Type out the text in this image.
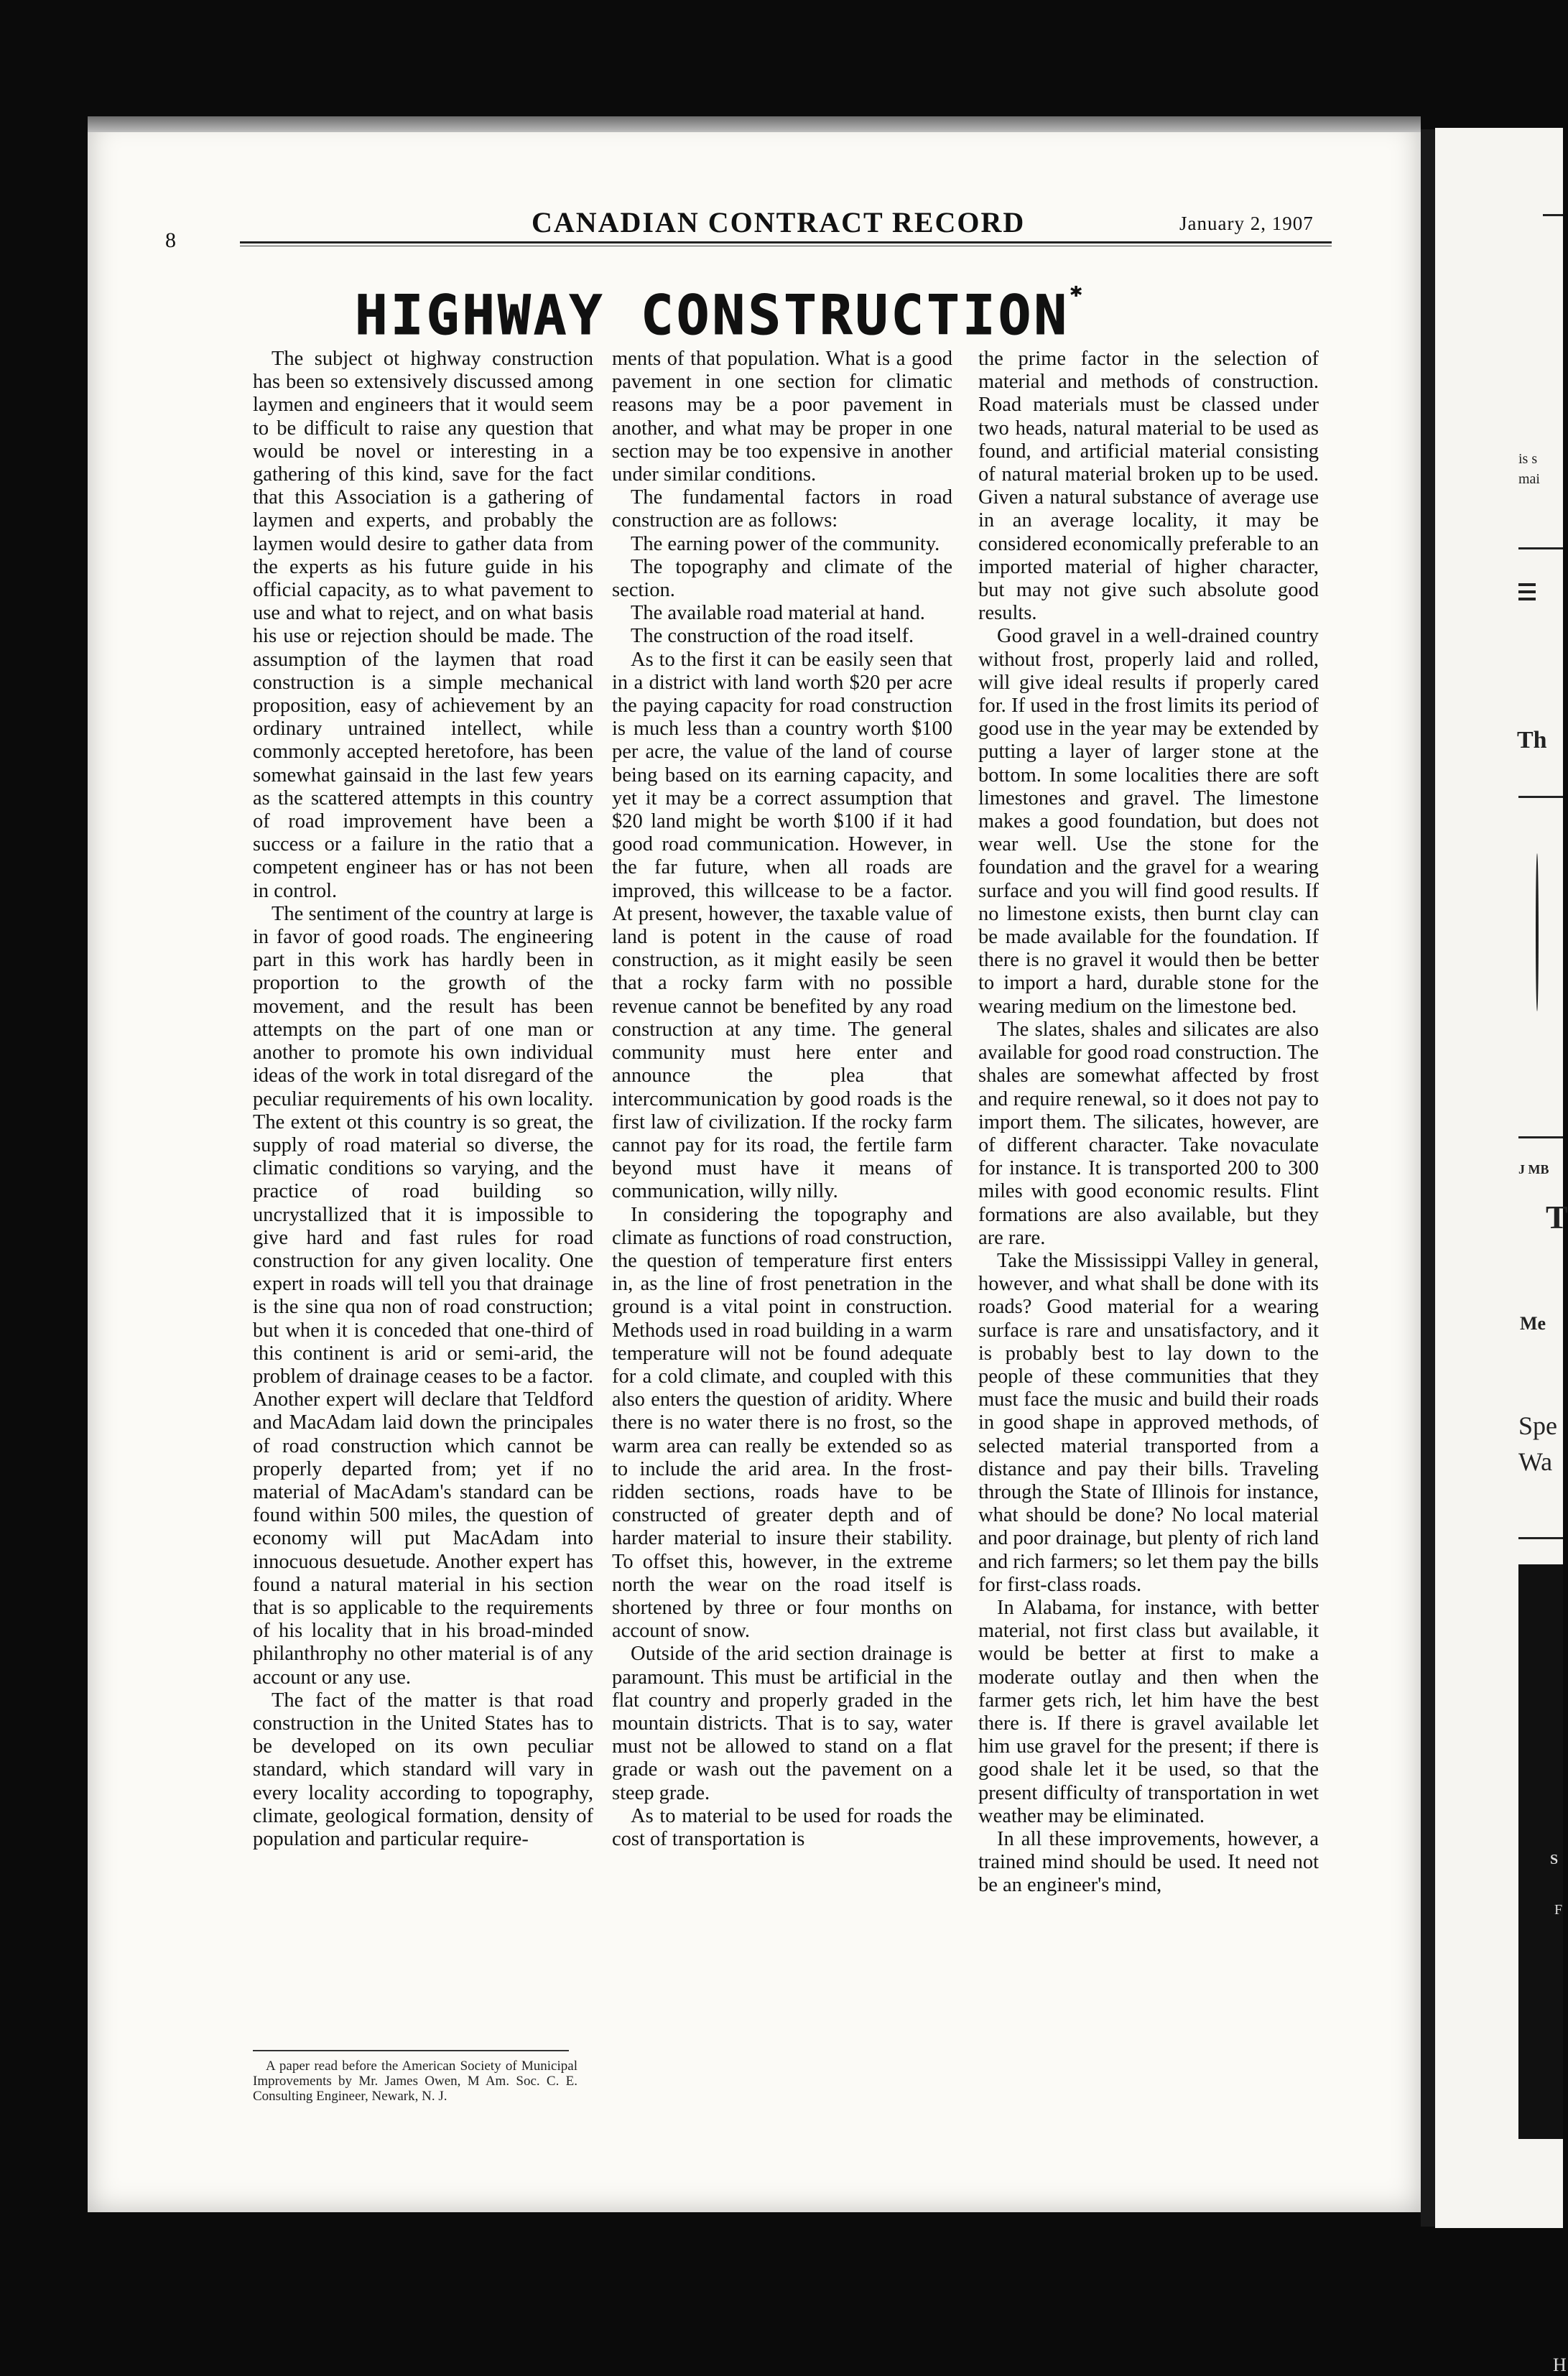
8
CANADIAN CONTRACT RECORD	January 2, 1907
HIGHWAY CONSTRUCTION*

The subject ot highway construction has been so extensively discussed among laymen and engineers that it would seem to be difficult to raise any question that would be novel or interesting in a gathering of this kind, save for the fact that this Association is a gathering of laymen and experts, and probably the laymen would desire to gather data from the experts as his future guide in his official capacity, as to what pavement to use and what to reject, and on what basis his use or rejection should be made. The assumption of the laymen that road construction is a simple mechanical proposition, easy of achievement by an ordinary untrained intellect, while commonly accepted heretofore, has been somewhat gainsaid in the last few years as the scattered attempts in this country of road improvement have been a success or a failure in the ratio that a competent engineer has or has not been in control.

The sentiment of the country at large is in favor of good roads. The engineering part in this work has hardly been in proportion to the growth of the movement, and the result has been attempts on the part of one man or another to promote his own individual ideas of the work in total disregard of the peculiar requirements of his own locality. The extent ot this country is so great, the supply of road material so diverse, the climatic conditions so varying, and the practice of road building so uncrystallized that it is impossible to give hard and fast rules for road construction for any given locality. One expert in roads will tell you that drainage is the sine qua non of road construction; but when it is conceded that one-third of this continent is arid or semi-arid, the problem of drainage ceases to be a factor. Another expert will declare that Teldford and MacAdam laid down the principales of road construction which cannot be properly departed from; yet if no material of MacAdam's standard can be found within 500 miles, the question of economy will put MacAdam into innocuous desuetude. Another expert has found a natural material in his section that is so applicable to the requirements of his locality that in his broad-minded philanthrophy no other material is of any account or any use.

The fact of the matter is that road construction in the United States has to be developed on its own peculiar standard, which standard will vary in every locality according to topography, climate, geological formation, density of population and particular require-

ments of that population. What is a good pavement in one section for climatic reasons may be a poor pavement in another, and what may be proper in one section may be too expensive in another under similar conditions.

The fundamental factors in road construction are as follows:

The earning power of the community.

The topography and climate of the section.

The available road material at hand.

The construction of the road itself.

As to the first it can be easily seen that in a district with land worth $20 per acre the paying capacity for road construction is much less than a country worth $100 per acre, the value of the land of course being based on its earning capacity, and yet it may be a correct assumption that $20 land might be worth $100 if it had good road communication. However, in the far future, when all roads are improved, this willcease to be a factor. At present, however, the taxable value of land is potent in the cause of road construction, as it might easily be seen that a rocky farm with no possible revenue cannot be benefited by any road construction at any time. The general community must here enter and announce the plea that intercommunication by good roads is the first law of civilization. If the rocky farm cannot pay for its road, the fertile farm beyond must have it means of communication, willy nilly.

In considering the topography and climate as functions of road construction, the question of temperature first enters in, as the line of frost penetration in the ground is a vital point in construction. Methods used in road building in a warm temperature will not be found adequate for a cold climate, and coupled with this also enters the question of aridity. Where there is no water there is no frost, so the warm area can really be extended so as to include the arid area. In the frost-ridden sections, roads have to be constructed of greater depth and of harder material to insure their stability. To offset this, however, in the extreme north the wear on the road itself is shortened by three or four months on account of snow.

Outside of the arid section drainage is paramount. This must be artificial in the flat country and properly graded in the mountain districts. That is to say, water must not be allowed to stand on a flat grade or wash out the pavement on a steep grade.

As to material to be used for roads the cost of transportation is

the prime factor in the selection of material and methods of construction. Road materials must be classed under two heads, natural material to be used as found, and artificial material consisting of natural material broken up to be used. Given a natural substance of average use in an average locality, it may be considered economically preferable to an imported material of higher character, but may not give such absolute good results.

Good gravel in a well-drained country without frost, properly laid and rolled, will give ideal results if properly cared for. If used in the frost limits its period of good use in the year may be extended by putting a layer of larger stone at the bottom. In some localities there are soft limestones and gravel. The limestone makes a good foundation, but does not wear well. Use the stone for the foundation and the gravel for a wearing surface and you will find good results. If no limestone exists, then burnt clay can be made available for the foundation. If there is no gravel it would then be better to import a hard, durable stone for the wearing medium on the limestone bed.

The slates, shales and silicates are also available for good road construction. The shales are somewhat affected by frost and require renewal, so it does not pay to import them. The silicates, however, are of different character. Take novaculate for instance. It is transported 200 to 300 miles with good economic results. Flint formations are also available, but they are rare.

Take the Mississippi Valley in general, however, and what shall be done with its roads? Good material for a wearing surface is rare and unsatisfactory, and it is probably best to lay down to the people of these communities that they must face the music and build their roads in good shape in approved methods, of selected material transported from a distance and pay their bills. Traveling through the State of Illinois for instance, what should be done? No local material and poor drainage, but plenty of rich land and rich farmers; so let them pay the bills for first-class roads.

In Alabama, for instance, with better material, not first class but available, it would be better at first to make a moderate outlay and then when the farmer gets rich, let him have the best there is. If there is gravel available let him use gravel for the present; if there is good shale let it be used, so that the present difficulty of transportation in wet weather may be eliminated.

In all these improvements, however, a trained mind should be used. It need not be an engineer's mind,

A paper read before the American Society of Municipal Improvements by Mr. James Owen, M Am. Soc. C. E. Consulting Engineer, Newark, N. J.

is s
mai
Th
J MB
T
Me
Spe
Wa
S
F
H
